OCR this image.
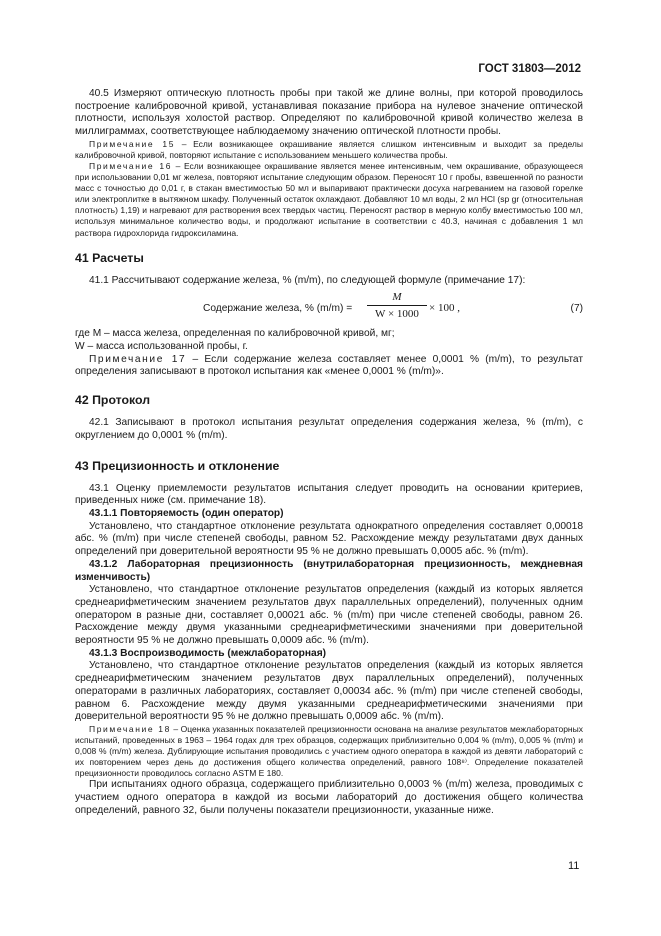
ГОСТ 31803—2012

40.5 Измеряют оптическую плотность пробы при такой же длине волны, при которой проводилось построение калибровочной кривой, устанавливая показание прибора на нулевое значение оптической плотности, используя холостой раствор. Определяют по калибровочной кривой количество железа в миллиграммах, соответствующее наблюдаемому значению оптической плотности пробы.

Примечание 15 – Если возникающее окрашивание является слишком интенсивным и выходит за пределы калибровочной кривой, повторяют испытание с использованием меньшего количества пробы.

Примечание 16 – Если возникающее окрашивание является менее интенсивным, чем окрашивание, образующееся при использовании 0,01 мг железа, повторяют испытание следующим образом. Переносят 10 г пробы, взвешенной по разности масс с точностью до 0,01 г, в стакан вместимостью 50 мл и выпаривают практически досуха нагреванием на газовой горелке или электроплитке в вытяжном шкафу. Полученный остаток охлаждают. Добавляют 10 мл воды, 2 мл HCl (sp gr (относительная плотность) 1,19) и нагревают для растворения всех твердых частиц. Переносят раствор в мерную колбу вместимостью 100 мл, используя минимальное количество воды, и продолжают испытание в соответствии с 40.3, начиная с добавления 1 мл раствора гидрохлорида гидроксиламина.

41 Расчеты

41.1 Рассчитывают содержание железа, % (m/m), по следующей формуле (примечание 17):

Содержание железа, % (m/m) =
M
W × 1000 × 100 ,	(7)

где M – масса железа, определенная по калибровочной кривой, мг;

W – масса использованной пробы, г.

Примечание 17 – Если содержание железа составляет менее 0,0001 % (m/m), то результат определения записывают в протокол испытания как «менее 0,0001 % (m/m)».

42 Протокол

42.1 Записывают в протокол испытания результат определения содержания железа, % (m/m), с округлением до 0,0001 % (m/m).

43 Прецизионность и отклонение

43.1 Оценку приемлемости результатов испытания следует проводить на основании критериев, приведенных ниже (см. примечание 18).

43.1.1 Повторяемость (один оператор)

Установлено, что стандартное отклонение результата однократного определения составляет 0,00018 абс. % (m/m) при числе степеней свободы, равном 52. Расхождение между результатами двух данных определений при доверительной вероятности 95 % не должно превышать 0,0005 абс. % (m/m).

43.1.2 Лабораторная прецизионность (внутрилабораторная прецизионность, междневная изменчивость)

Установлено, что стандартное отклонение результатов определения (каждый из которых является среднеарифметическим значением результатов двух параллельных определений), полученных одним оператором в разные дни, составляет 0,00021 абс. % (m/m) при числе степеней свободы, равном 26. Расхождение между двумя указанными среднеарифметическими значениями при доверительной вероятности 95 % не должно превышать 0,0009 абс. % (m/m).

43.1.3 Воспроизводимость (межлабораторная)

Установлено, что стандартное отклонение результатов определения (каждый из которых является среднеарифметическим значением результатов двух параллельных определений), полученных операторами в различных лабораториях, составляет 0,00034 абс. % (m/m) при числе степеней свободы, равном 6. Расхождение между двумя указанными среднеарифметическими значениями при доверительной вероятности 95 % не должно превышать 0,0009 абс. % (m/m).

Примечание 18 – Оценка указанных показателей прецизионности основана на анализе результатов межлабораторных испытаний, проведенных в 1963 – 1964 годах для трех образцов, содержащих приблизительно 0,004 % (m/m), 0,005 % (m/m) и 0,008 % (m/m) железа. Дублирующие испытания проводились с участием одного оператора в каждой из девяти лабораторий с их повторением через день до достижения общего количества определений, равного 108⁸⁾. Определение показателей прецизионности проводилось согласно ASTM E 180.

При испытаниях одного образца, содержащего приблизительно 0,0003 % (m/m) железа, проводимых с участием одного оператора в каждой из восьми лабораторий до достижения общего количества определений, равного 32, были получены показатели прецизионности, указанные ниже.

11
